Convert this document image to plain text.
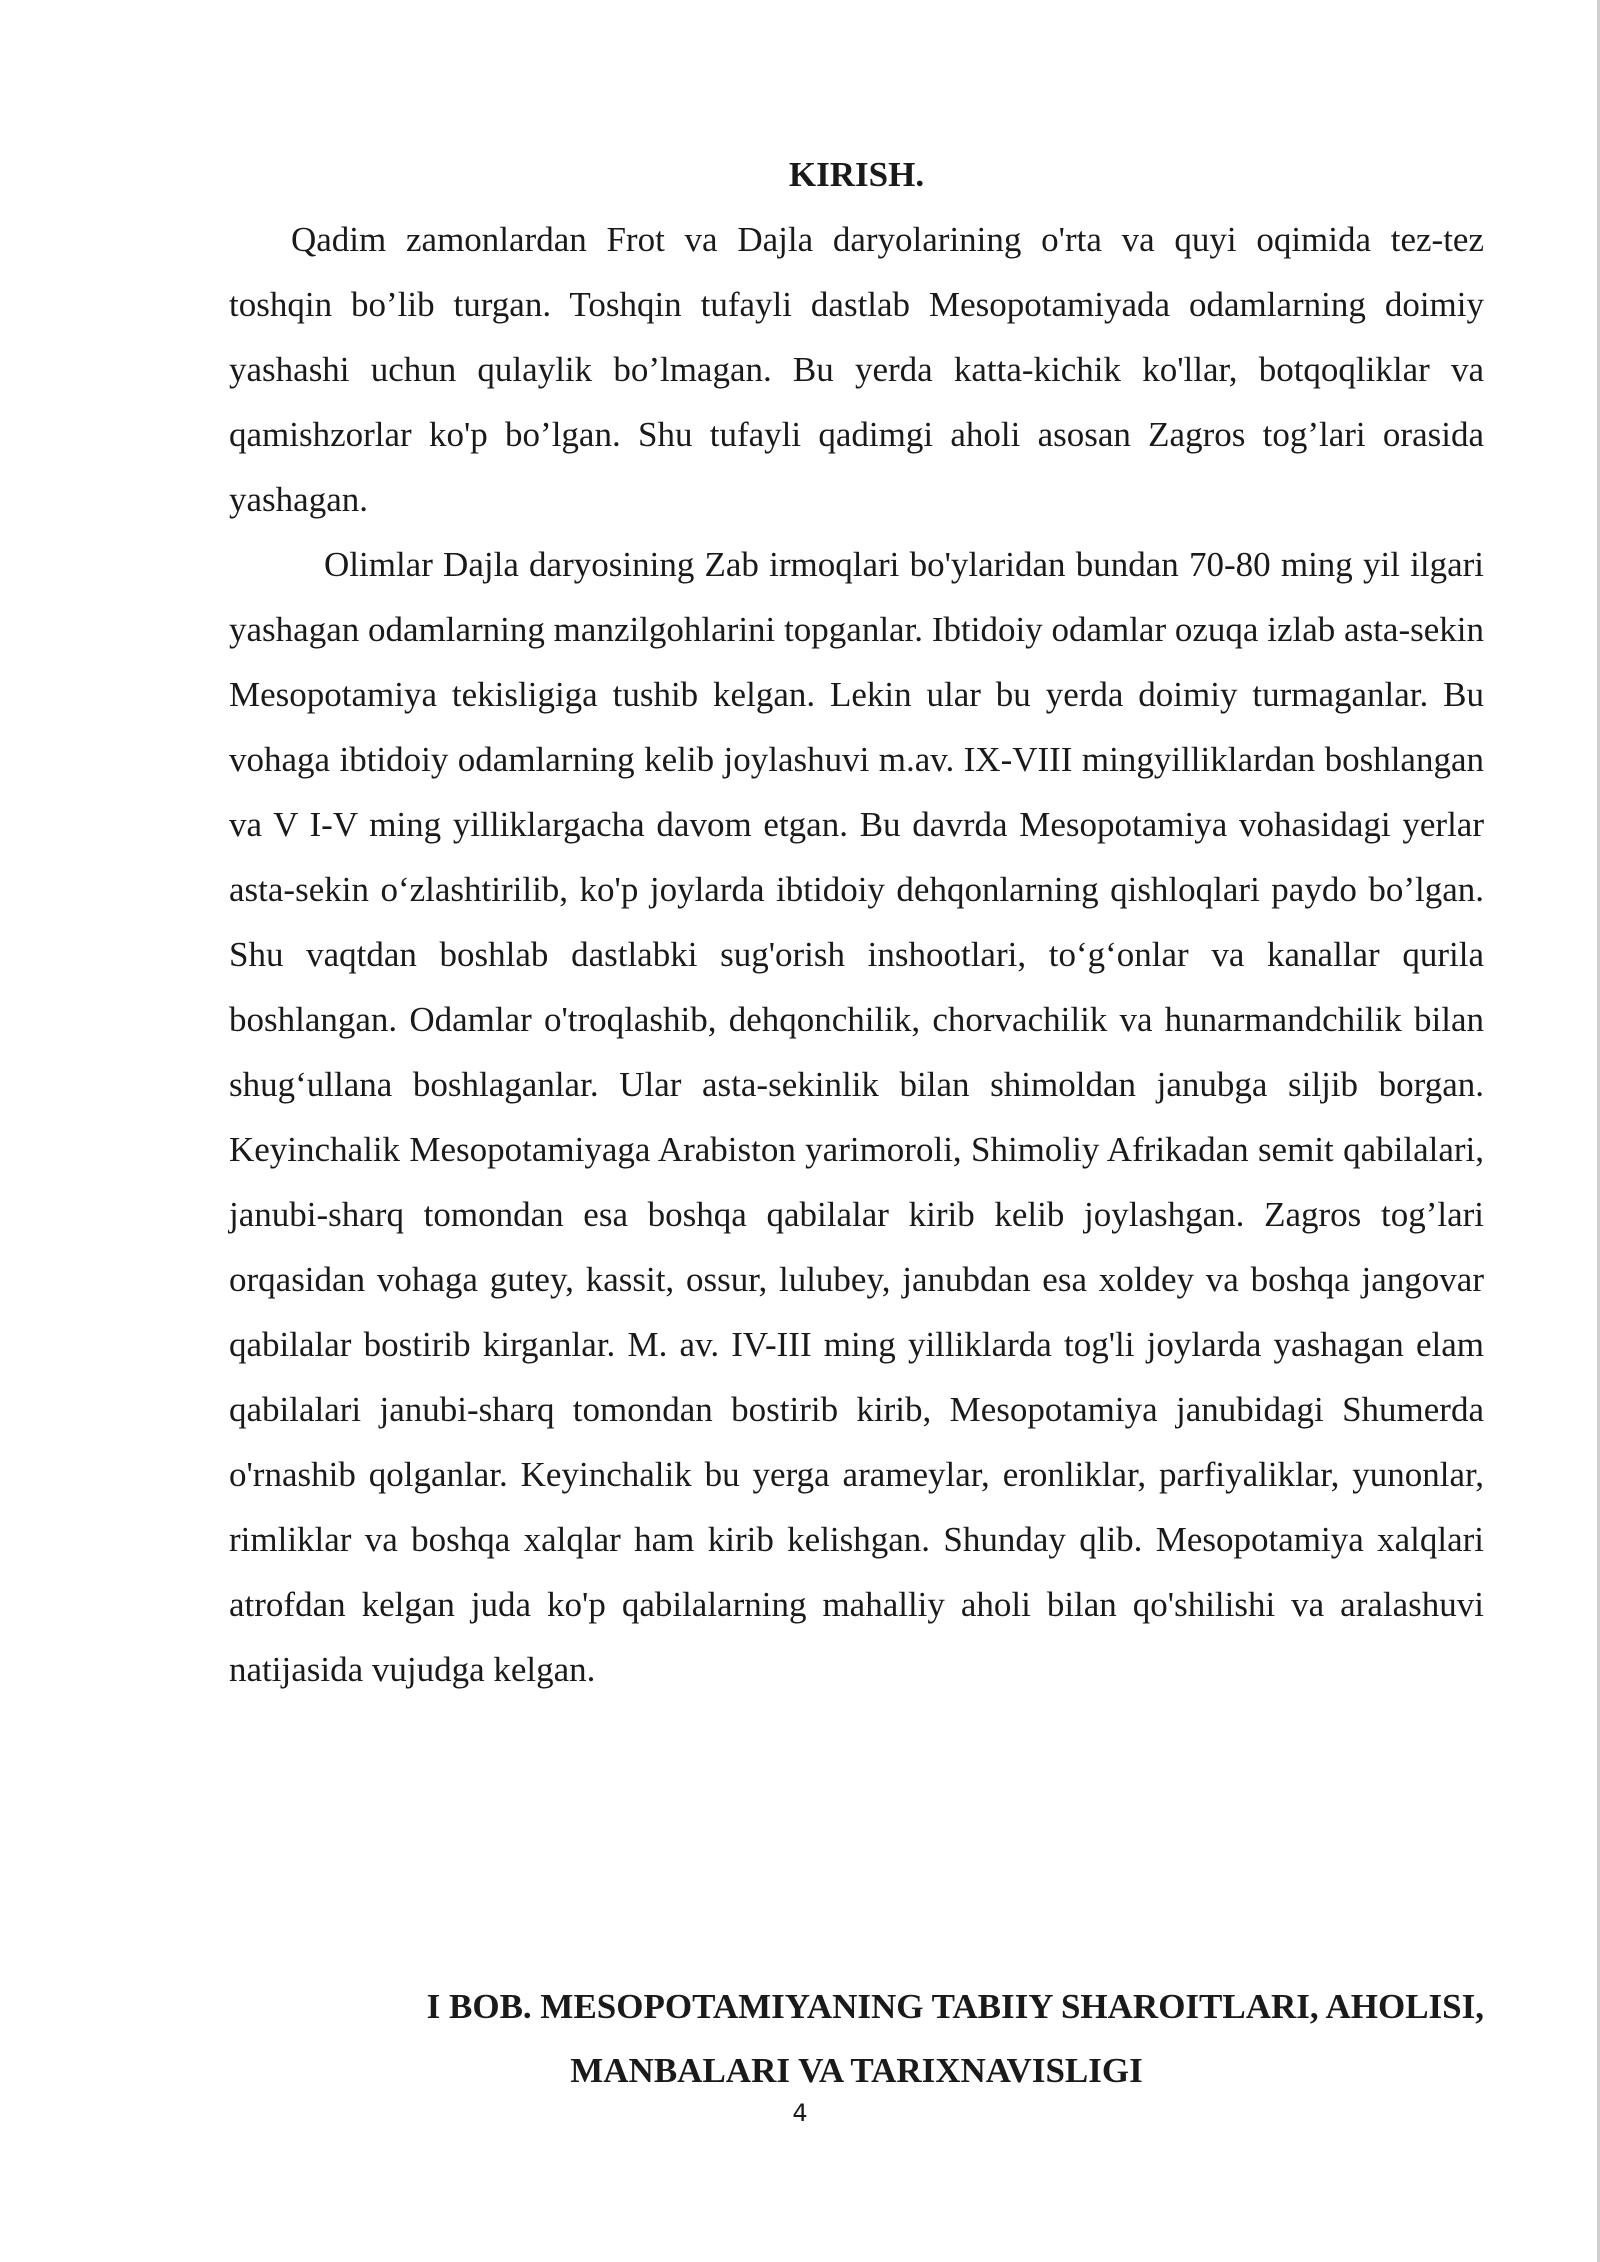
KIRISH.

Qadim zamonlardan Frot va Dajla daryolarining o'rta va quyi oqimida tez-tez toshqin bo’lib turgan. Toshqin tufayli dastlab Mesopotamiyada odamlarning doimiy yashashi uchun qulaylik bo’lmagan. Bu yerda katta-kichik ko'llar, botqoqliklar va qamishzorlar ko'p bo’lgan. Shu tufayli qadimgi aholi asosan Zagros tog’lari orasida yashagan.

Olimlar Dajla daryosining Zab irmoqlari bo'ylaridan bundan 70-80 ming yil ilgari yashagan odamlarning manzilgohlarini topganlar. Ibtidoiy odamlar ozuqa izlab asta-sekin Mesopotamiya tekisligiga tushib kelgan. Lekin ular bu yerda doimiy turmaganlar. Bu vohaga ibtidoiy odamlarning kelib joylashuvi m.av. IX-VIII mingyilliklardan boshlangan va V I-V ming yilliklargacha davom etgan. Bu davrda Mesopotamiya vohasidagi yerlar asta-sekin o‘zlashtirilib, ko'p joylarda ibtidoiy dehqonlarning qishloqlari paydo bo’lgan. Shu vaqtdan boshlab dastlabki sug'orish inshootlari, to‘g‘onlar va kanallar qurila boshlangan. Odamlar o'troqlashib, dehqonchilik, chorvachilik va hunarmandchilik bilan shug‘ullana boshlaganlar. Ular asta-sekinlik bilan shimoldan janubga siljib borgan. Keyinchalik Mesopotamiyaga Arabiston yarimoroli, Shimoliy Afrikadan semit qabilalari, janubi-sharq tomondan esa boshqa qabilalar kirib kelib joylashgan. Zagros tog’lari orqasidan vohaga gutey, kassit, ossur, lulubey, janubdan esa xoldey va boshqa jangovar qabilalar bostirib kirganlar. M. av. IV-III ming yilliklarda tog'li joylarda yashagan elam qabilalari janubi-sharq tomondan bostirib kirib, Mesopotamiya janubidagi Shumerda o'rnashib qolganlar. Keyinchalik bu yerga arameylar, eronliklar, parfiyaliklar, yunonlar, rimliklar va boshqa xalqlar ham kirib kelishgan. Shunday qlib. Mesopotamiya xalqlari atrofdan kelgan juda ko'p qabilalarning mahalliy aholi bilan qo'shilishi va aralashuvi natijasida vujudga kelgan.

I BOB. MESOPOTAMIYANING TABIIY SHAROITLARI, AHOLISI,
MANBALARI VA TARIXNAVISLIGI
4
